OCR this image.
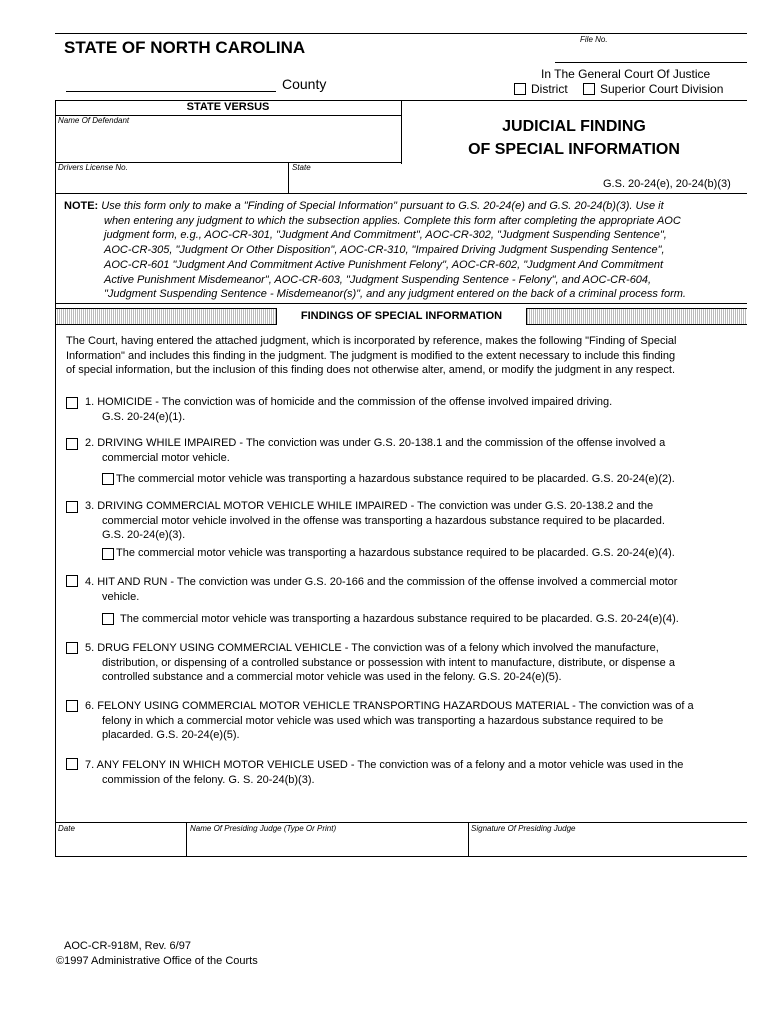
STATE OF NORTH CAROLINA	File No.
County
In The General Court Of Justice
District	Superior Court Division
STATE VERSUS
Name Of Defendant	JUDICIAL FINDING
OF SPECIAL INFORMATION
Drivers License No.	State
G.S. 20-24(e), 20-24(b)(3)
NOTE: Use this form only to make a "Finding of Special Information" pursuant to G.S. 20-24(e) and G.S. 20-24(b)(3). Use it
when entering any judgment to which the subsection applies. Complete this form after completing the appropriate AOC
judgment form, e.g., AOC-CR-301, "Judgment And Commitment", AOC-CR-302, "Judgment Suspending Sentence",
AOC-CR-305, "Judgment Or Other Disposition", AOC-CR-310, "Impaired Driving Judgment Suspending Sentence",
AOC-CR-601 "Judgment And Commitment Active Punishment Felony", AOC-CR-602, "Judgment And Commitment
Active Punishment Misdemeanor", AOC-CR-603, "Judgment Suspending Sentence - Felony", and AOC-CR-604,
"Judgment Suspending Sentence - Misdemeanor(s)", and any judgment entered on the back of a criminal process form.
FINDINGS OF SPECIAL INFORMATION
The Court, having entered the attached judgment, which is incorporated by reference, makes the following "Finding of Special
Information" and includes this finding in the judgment. The judgment is modified to the extent necessary to include this finding
of special information, but the inclusion of this finding does not otherwise alter, amend, or modify the judgment in any respect.
1. HOMICIDE - The conviction was of homicide and the commission of the offense involved impaired driving.
G.S. 20-24(e)(1).
2. DRIVING WHILE IMPAIRED - The conviction was under G.S. 20-138.1 and the commission of the offense involved a
commercial motor vehicle.
The commercial motor vehicle was transporting a hazardous substance required to be placarded. G.S. 20-24(e)(2).
3. DRIVING COMMERCIAL MOTOR VEHICLE WHILE IMPAIRED - The conviction was under G.S. 20-138.2 and the
commercial motor vehicle involved in the offense was transporting a hazardous substance required to be placarded.
G.S. 20-24(e)(3).
The commercial motor vehicle was transporting a hazardous substance required to be placarded. G.S. 20-24(e)(4).
4. HIT AND RUN - The conviction was under G.S. 20-166 and the commission of the offense involved a commercial motor
vehicle.
The commercial motor vehicle was transporting a hazardous substance required to be placarded. G.S. 20-24(e)(4).
5. DRUG FELONY USING COMMERCIAL VEHICLE - The conviction was of a felony which involved the manufacture,
distribution, or dispensing of a controlled substance or possession with intent to manufacture, distribute, or dispense a
controlled substance and a commercial motor vehicle was used in the felony. G.S. 20-24(e)(5).
6. FELONY USING COMMERCIAL MOTOR VEHICLE TRANSPORTING HAZARDOUS MATERIAL - The conviction was of a
felony in which a commercial motor vehicle was used which was transporting a hazardous substance required to be
placarded. G.S. 20-24(e)(5).
7. ANY FELONY IN WHICH MOTOR VEHICLE USED - The conviction was of a felony and a motor vehicle was used in the
commission of the felony. G. S. 20-24(b)(3).
Date	Name Of Presiding Judge (Type Or Print)	Signature Of Presiding Judge
AOC-CR-918M, Rev. 6/97
©1997 Administrative Office of the Courts
